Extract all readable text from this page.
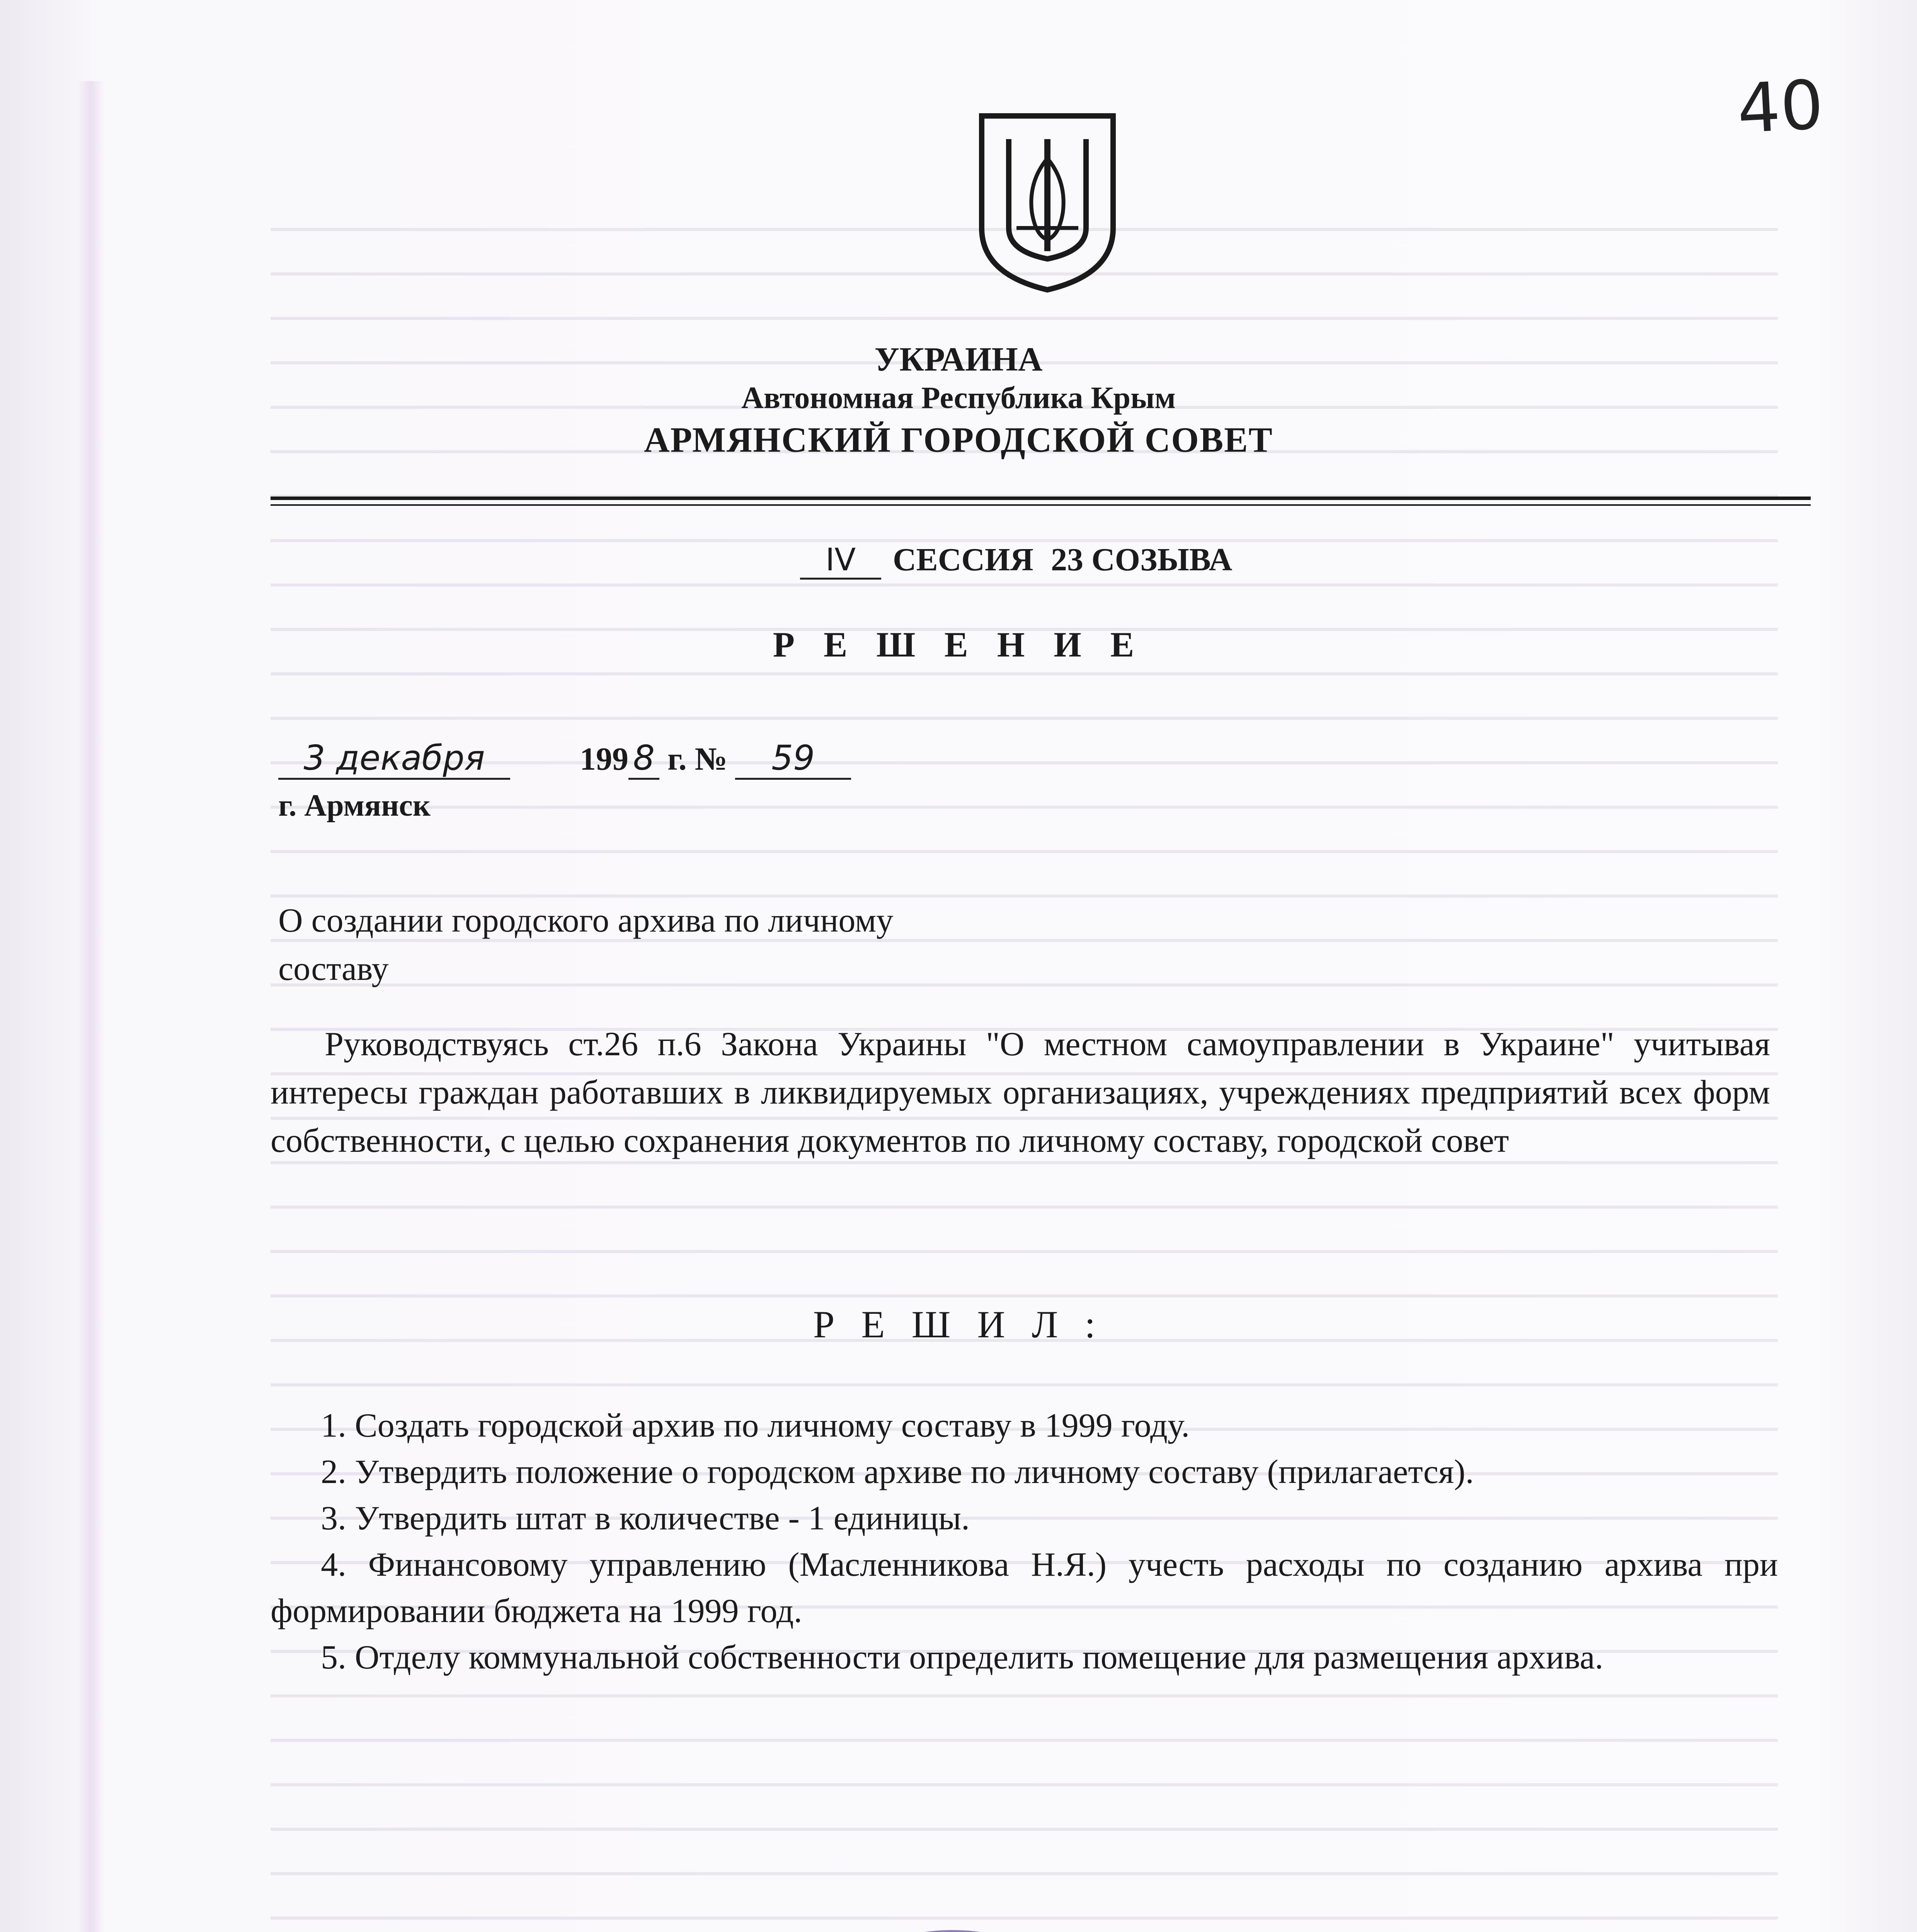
40
УКРАИНА
Автономная Республика Крым
АРМЯНСКИЙ ГОРОДСКОЙ СОВЕТ
IV СЕССИЯ 23 СОЗЫВА
Р Е Ш Е Н И Е
3 декабря	199 8 г. № 59
г. Армянск
О создании городского архива по личному составу
Руководствуясь ст.26 п.6 Закона Украины "О местном самоуправлении в Украине" учитывая интересы граждан работавших в ликвидируемых организациях, учреждениях предприятий всех форм собственности, с целью сохранения документов по личному составу, городской совет
Р Е Ш И Л :
1. Создать городской архив по личному составу в 1999 году.
2. Утвердить положение о городском архиве по личному составу (прилагается).
3. Утвердить штат в количестве - 1 единицы.
4. Финансовому управлению (Масленникова Н.Я.) учесть расходы по созданию архива при формировании бюджета на 1999 год.
5. Отделу коммунальной собственности определить помещение для размещения архива.
